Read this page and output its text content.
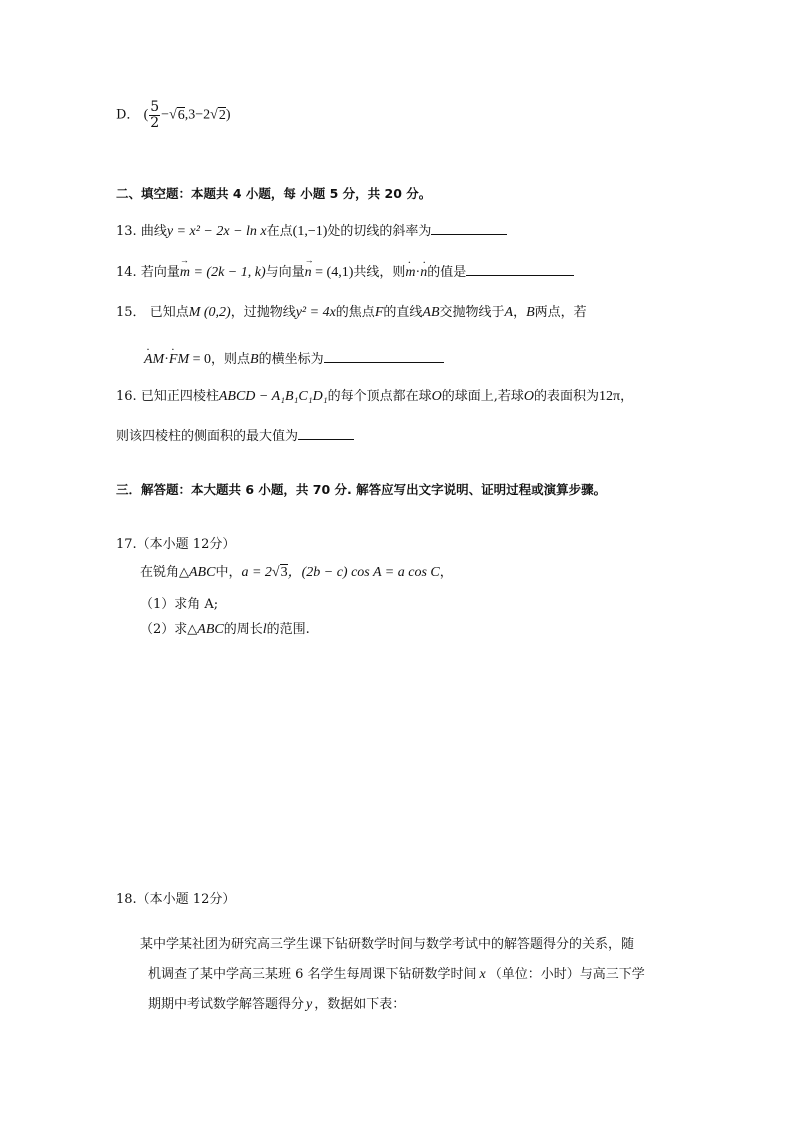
D． ( $\frac{5}{2} -√6,3-2√2$)
二、填空题：本题共 4 小题，每 小题 5 分，共 20 分。
13. 曲线y = x² − 2x − ln x在点(1,−1)处的切线的斜率为
14. 若向量→ m = (2k − 1, k)与向量→ n = (4,1)共线，则· m·· n的值是
15． 已知点M (0,2)，过抛物线y² = 4x的焦点F的直线AB交抛物线于A，B两点，若
· AM·· FM = 0，则点B的横坐标为
16. 已知正四棱柱ABCD − A₁B₁C₁D₁的每个顶点都在球O的球面上,若球O的表面积为12π，
则该四棱柱的侧面积的最大值为
三．解答题：本大题共 6 小题，共 70 分. 解答应写出文字说明、证明过程或演算步骤。
17.（本小题 12分）
在锐角△ABC中，a = 2√3，(2b − c) cos A = a cos C，
（1）求角 A;
（2）求△ABC的周长l的范围.
18.（本小题 12分）
某中学某社团为研究高三学生课下钻研数学时间与数学考试中的解答题得分的关系，随
机调查了某中学高三某班 6 名学生每周课下钻研数学时间 x （单位：小时）与高三下学
期期中考试数学解答题得分 y ，数据如下表：
